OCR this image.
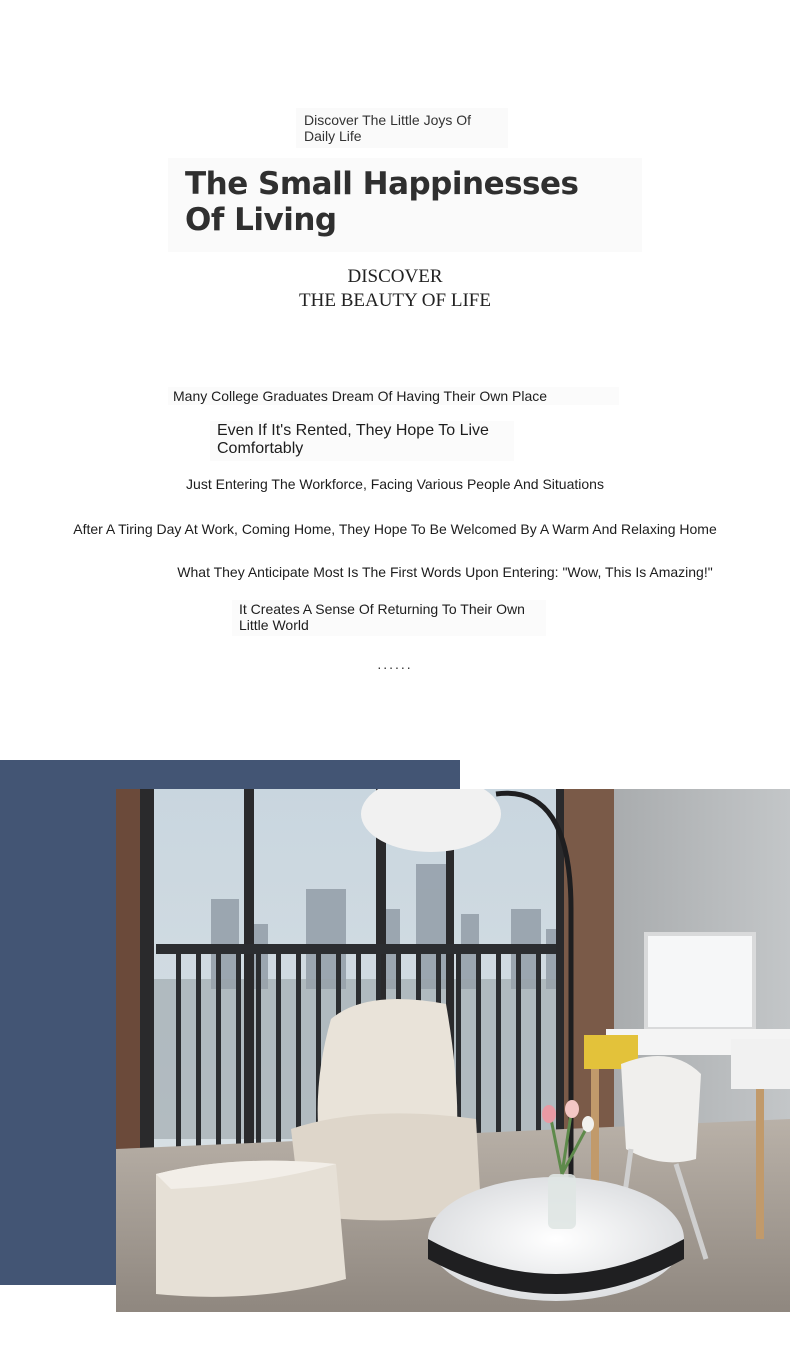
Discover The Little Joys Of Daily Life
The Small Happinesses Of Living
DISCOVER
THE BEAUTY OF LIFE
Many College Graduates Dream Of Having Their Own Place
Even If It's Rented, They Hope To Live Comfortably
Just Entering The Workforce, Facing Various People And Situations
After A Tiring Day At Work, Coming Home, They Hope To Be Welcomed By A Warm And Relaxing Home
What They Anticipate Most Is The First Words Upon Entering: "Wow, This Is Amazing!"
It Creates A Sense Of Returning To Their Own Little World
......
